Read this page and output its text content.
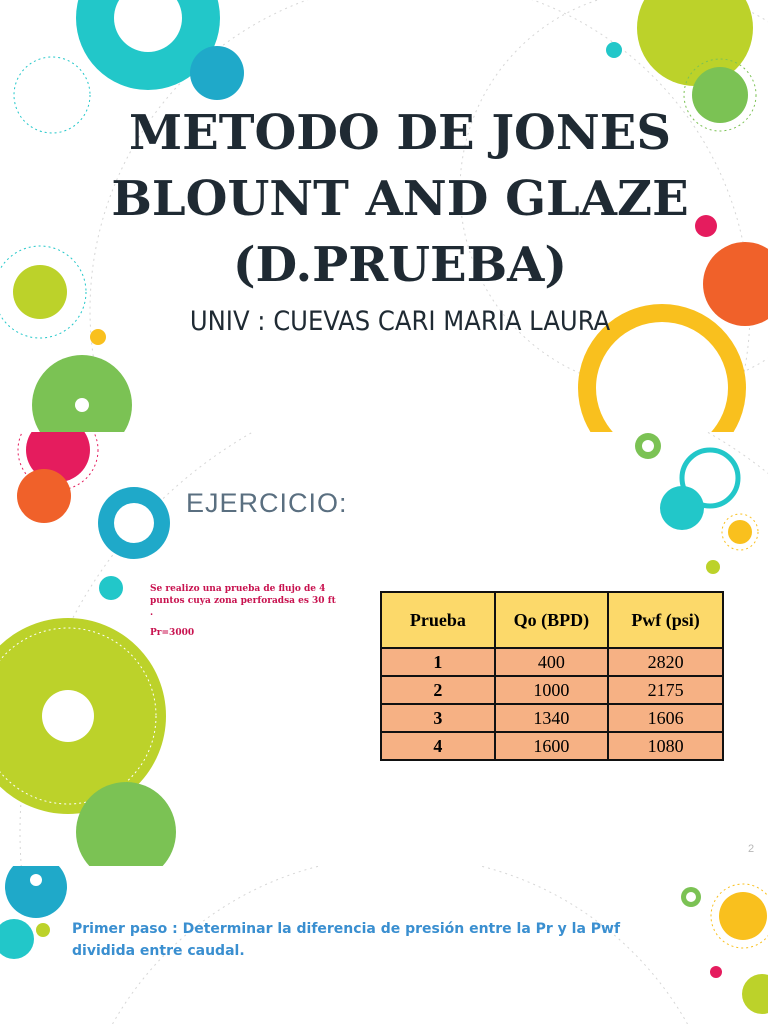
METODO DE JONES
BLOUNT AND GLAZE
(D.PRUEBA)
UNIV : CUEVAS CARI MARIA LAURA
EJERCICIO:

Se realizo una prueba de flujo de 4 puntos cuya zona perforadsa es 30 ft .

Pr=3000

Prueba	Qo (BPD)	Pwf (psi)
1	400	2820
2	1000	2175
3	1340	1606
4	1600	1080
2

Primer paso : Determinar la diferencia de presión entre la Pr y la Pwf dividida entre caudal.
